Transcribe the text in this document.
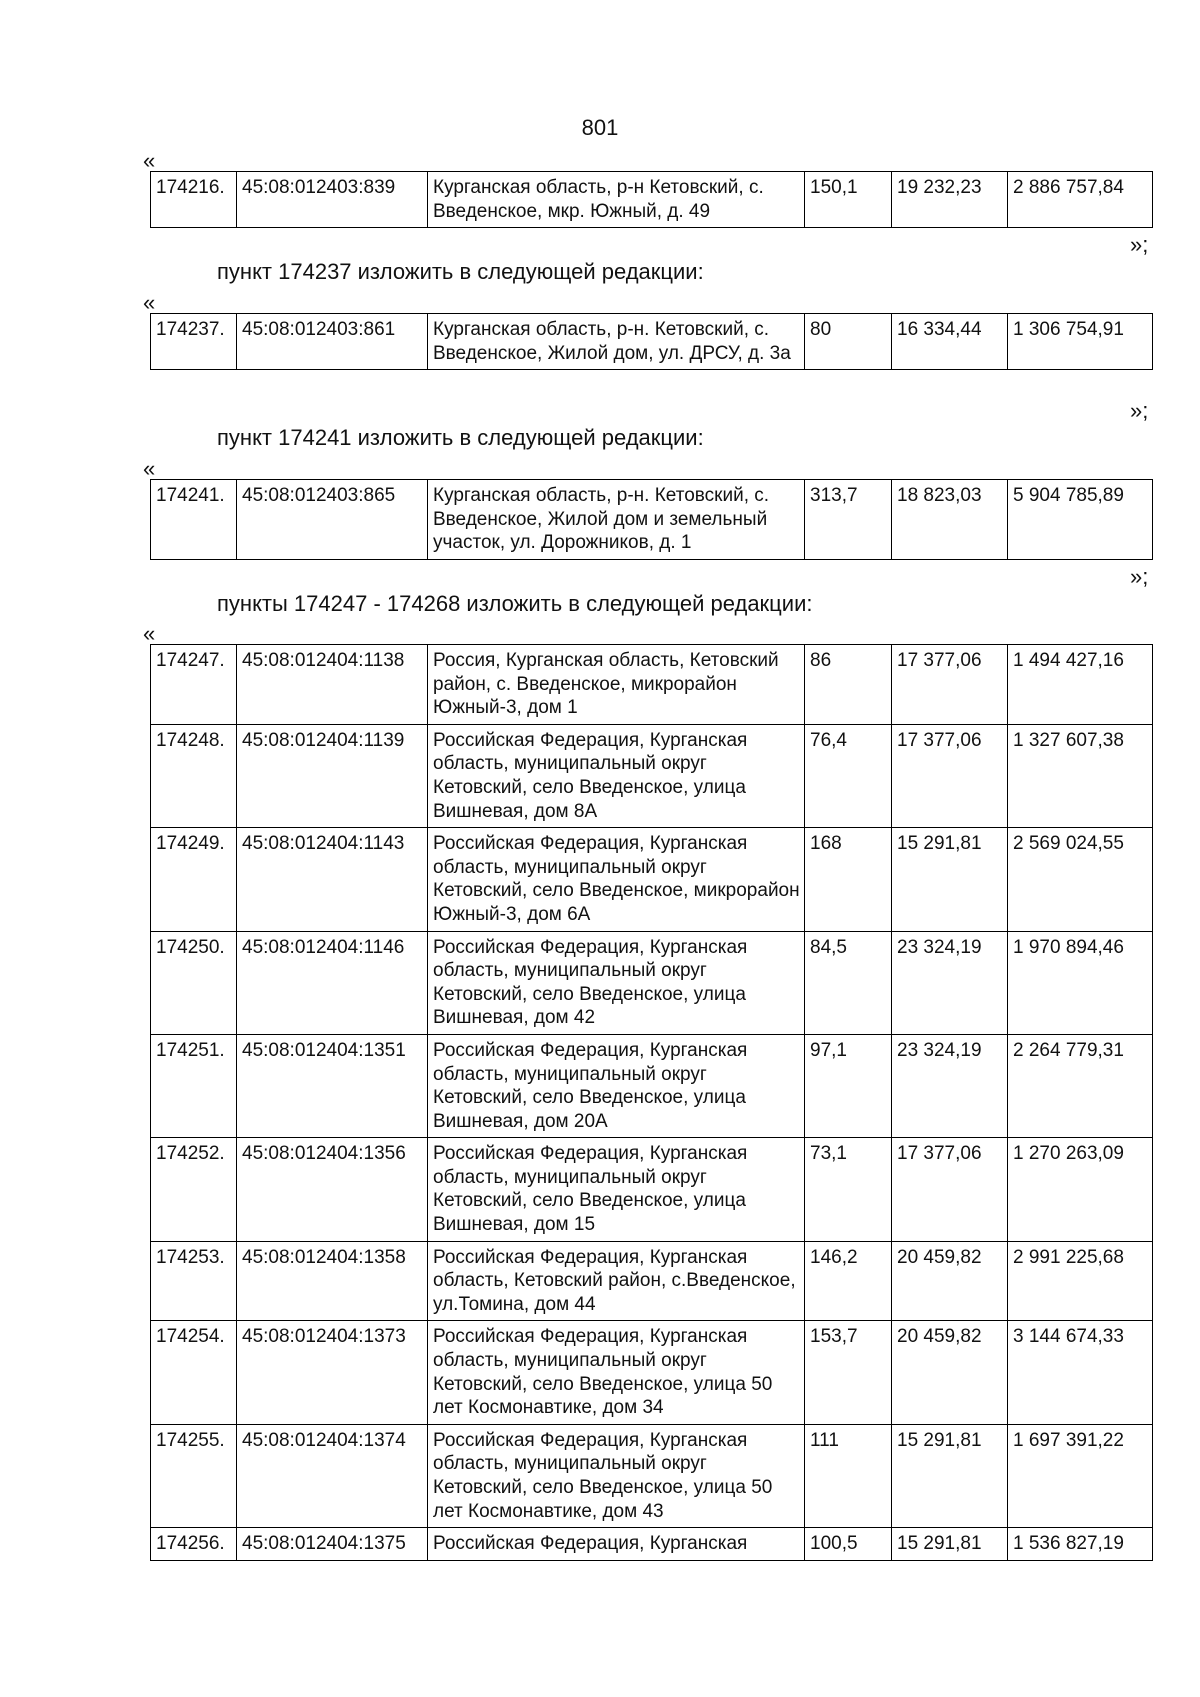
801
«
174216.	45:08:012403:839	Курганская область, р-н Кетовский, с. Введенское, мкр. Южный, д. 49	150,1	19 232,23	2 886 757,84
»;
пункт 174237 изложить в следующей редакции:
«
174237.	45:08:012403:861	Курганская область, р-н. Кетовский, с. Введенское, Жилой дом, ул. ДРСУ, д. 3а	80	16 334,44	1 306 754,91
»;
пункт 174241 изложить в следующей редакции:
«
174241.	45:08:012403:865	Курганская область, р-н. Кетовский, с. Введенское, Жилой дом и земельный участок, ул. Дорожников, д. 1	313,7	18 823,03	5 904 785,89
»;
пункты 174247 - 174268 изложить в следующей редакции:
«
174247.	45:08:012404:1138	Россия, Курганская область, Кетовский район, с. Введенское, микрорайон Южный-3, дом 1	86	17 377,06	1 494 427,16
174248.	45:08:012404:1139	Российская Федерация, Курганская область, муниципальный округ Кетовский, село Введенское, улица Вишневая, дом 8А	76,4	17 377,06	1 327 607,38
174249.	45:08:012404:1143	Российская Федерация, Курганская область, муниципальный округ Кетовский, село Введенское, микрорайон Южный-3, дом 6А	168	15 291,81	2 569 024,55
174250.	45:08:012404:1146	Российская Федерация, Курганская область, муниципальный округ Кетовский, село Введенское, улица Вишневая, дом 42	84,5	23 324,19	1 970 894,46
174251.	45:08:012404:1351	Российская Федерация, Курганская область, муниципальный округ Кетовский, село Введенское, улица Вишневая, дом 20А	97,1	23 324,19	2 264 779,31
174252.	45:08:012404:1356	Российская Федерация, Курганская область, муниципальный округ Кетовский, село Введенское, улица Вишневая, дом 15	73,1	17 377,06	1 270 263,09
174253.	45:08:012404:1358	Российская Федерация, Курганская область, Кетовский район, с.Введенское, ул.Томина, дом 44	146,2	20 459,82	2 991 225,68
174254.	45:08:012404:1373	Российская Федерация, Курганская область, муниципальный округ Кетовский, село Введенское, улица 50 лет Космонавтике, дом 34	153,7	20 459,82	3 144 674,33
174255.	45:08:012404:1374	Российская Федерация, Курганская область, муниципальный округ Кетовский, село Введенское, улица 50 лет Космонавтике, дом 43	111	15 291,81	1 697 391,22
174256.	45:08:012404:1375	Российская Федерация, Курганская	100,5	15 291,81	1 536 827,19
